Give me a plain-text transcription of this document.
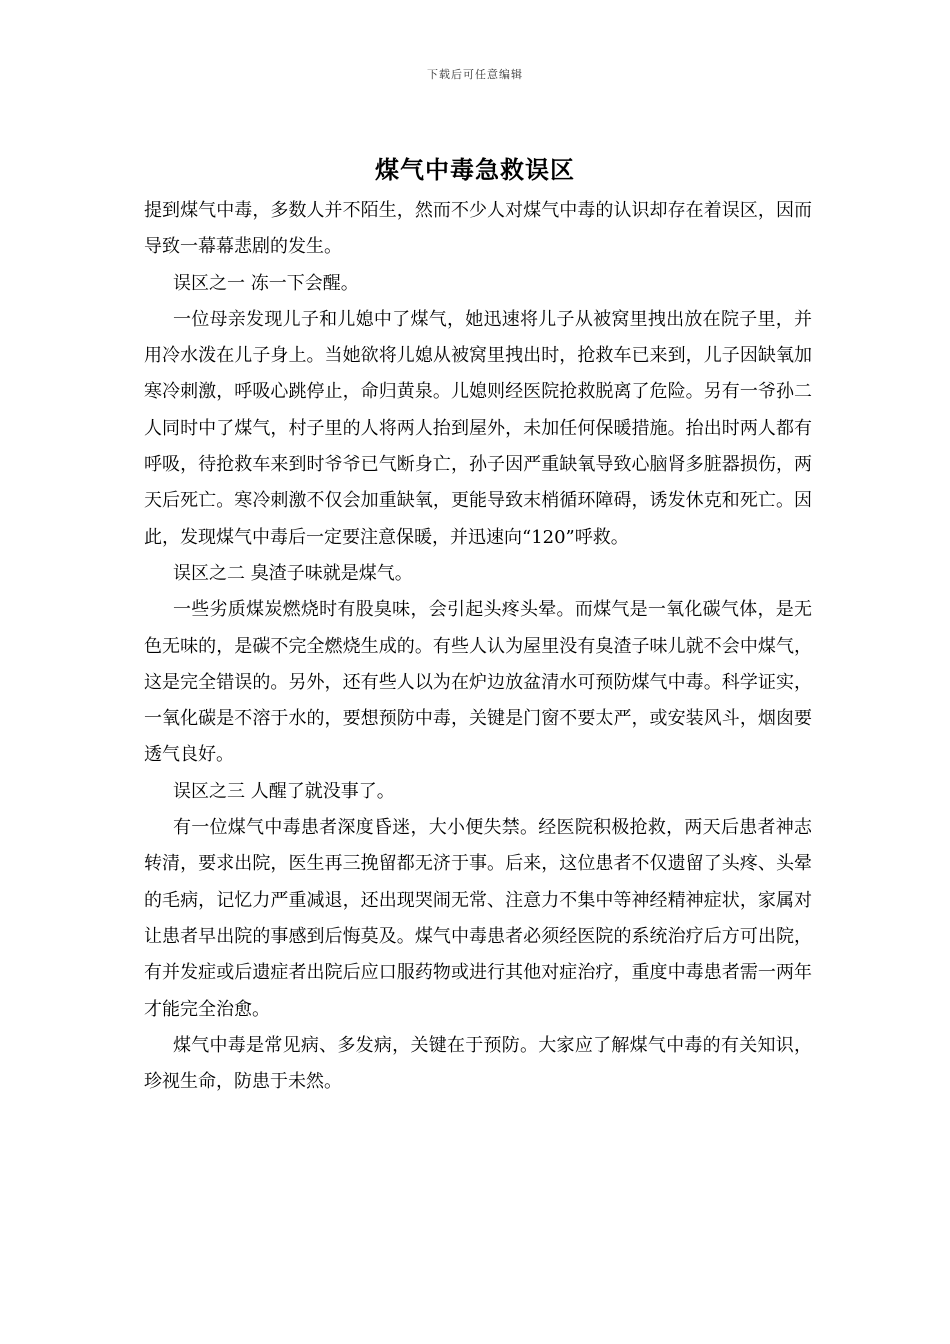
下载后可任意编辑
煤气中毒急救误区

提到煤气中毒，多数人并不陌生，然而不少人对煤气中毒的认识却存在着误区，因而导致一幕幕悲剧的发生。

误区之一 冻一下会醒。

一位母亲发现儿子和儿媳中了煤气，她迅速将儿子从被窝里拽出放在院子里，并用冷水泼在儿子身上。当她欲将儿媳从被窝里拽出时，抢救车已来到，儿子因缺氧加寒冷刺激，呼吸心跳停止，命归黄泉。儿媳则经医院抢救脱离了危险。另有一爷孙二人同时中了煤气，村子里的人将两人抬到屋外，未加任何保暖措施。抬出时两人都有呼吸，待抢救车来到时爷爷已气断身亡，孙子因严重缺氧导致心脑肾多脏器损伤，两天后死亡。寒冷刺激不仅会加重缺氧，更能导致末梢循环障碍，诱发休克和死亡。因此，发现煤气中毒后一定要注意保暖，并迅速向“120”呼救。

误区之二 臭渣子味就是煤气。

一些劣质煤炭燃烧时有股臭味，会引起头疼头晕。而煤气是一氧化碳气体，是无色无味的，是碳不完全燃烧生成的。有些人认为屋里没有臭渣子味儿就不会中煤气，这是完全错误的。另外，还有些人以为在炉边放盆清水可预防煤气中毒。科学证实，一氧化碳是不溶于水的，要想预防中毒，关键是门窗不要太严，或安装风斗，烟囱要透气良好。

误区之三 人醒了就没事了。

有一位煤气中毒患者深度昏迷，大小便失禁。经医院积极抢救，两天后患者神志转清，要求出院，医生再三挽留都无济于事。后来，这位患者不仅遗留了头疼、头晕的毛病，记忆力严重减退，还出现哭闹无常、注意力不集中等神经精神症状，家属对让患者早出院的事感到后悔莫及。煤气中毒患者必须经医院的系统治疗后方可出院，有并发症或后遗症者出院后应口服药物或进行其他对症治疗，重度中毒患者需一两年才能完全治愈。

煤气中毒是常见病、多发病，关键在于预防。大家应了解煤气中毒的有关知识，珍视生命，防患于未然。
